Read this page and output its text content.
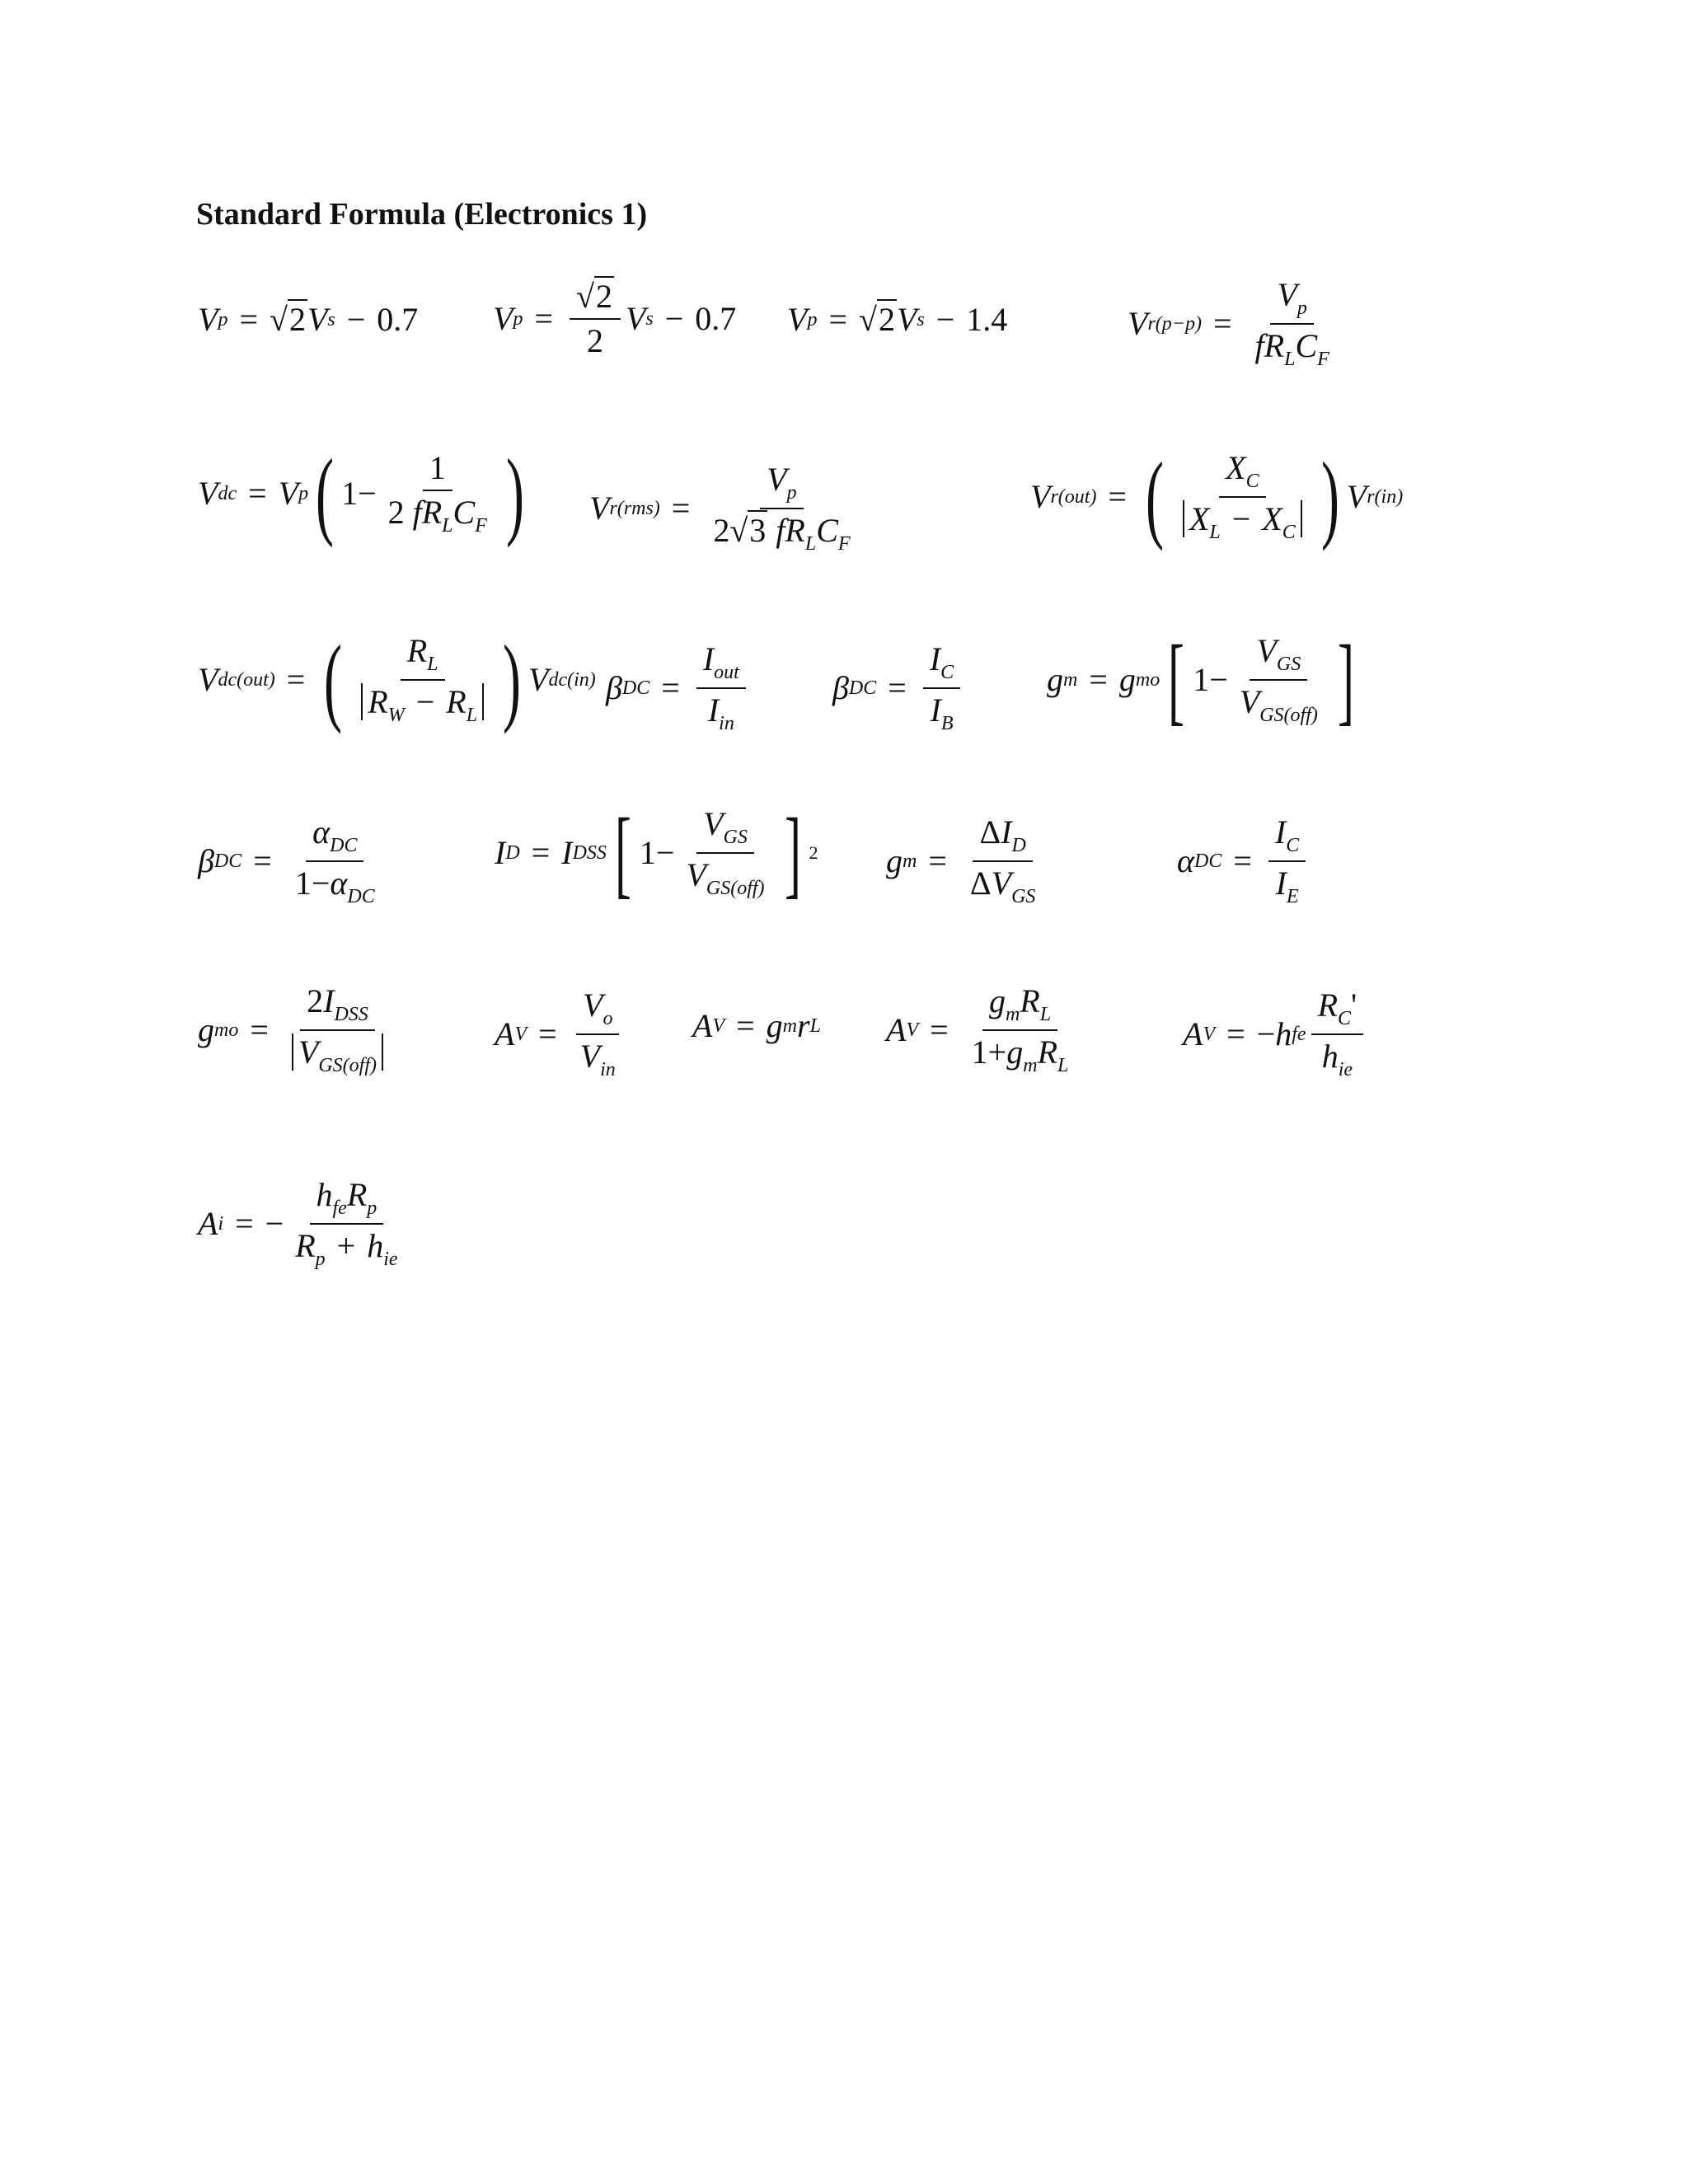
Standard Formula (Electronics 1)
V p = √2 V s − 0.7 V $p = \frac{√2}{2}$ V s − 0.7 V p = √2 V s − 1.4	V $r(p-p) = \frac{V_p}{fR_LC_F}$
V dc = V p ( $1- \frac{1}{2 fR_LC_F}$ ) V $r(rms) = \frac{V_p}{2√3 fR_LC_F}$	V r(out) = ( $\frac{X_C}{X_L - X_C}$ ) V r(in)
V dc(out) = ( $\frac{R_L}{R_W - R_L}$ ) V dc(in) β DC = $\frac{I_{out}}{I_{in}}$	β DC = $\frac{I_C}{I_B}$	g m = g mo [ $1- \frac{V_{GS}}{V_{GS(off)}}$ ]
β DC = $\frac{\alpha_{DC}}{1-\alpha_{DC}}$	I D = I DSS [ $1- \frac{V_{GS}}{V_{GS(off)}}$ ] 2 g $m = \frac{\Delta I_D}{\Delta V_{GS}}$	α DC = $\frac{I_C}{I_E}$
g mo = $\frac{2I_{DSS}}{V_{GS(off)}}$	A $V = \frac{V_o}{V_{in}}$ A V = g m r L A $V = \frac{g_mR_L}{1+g_mR_L}$	A V = − h fe $\frac{R_C'}{h_{ie}}$
A i = − $\frac{h_{fe}R_p}{R_p + h_{ie}}$
